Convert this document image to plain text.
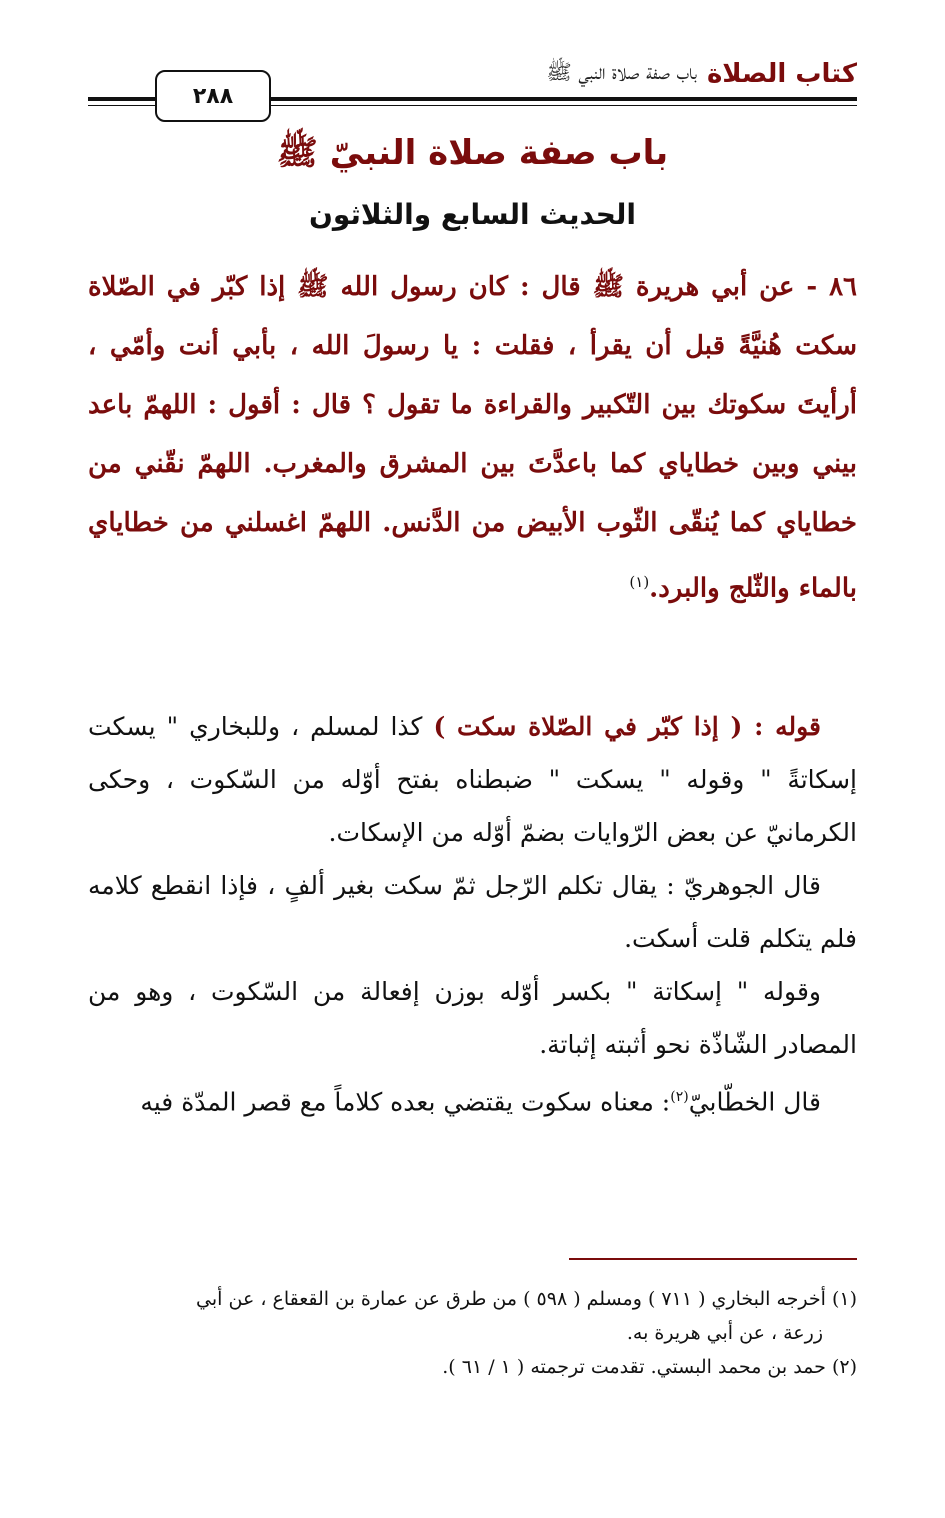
كتاب الصلاة
باب صفة صلاة النبي ﷺ
٢٨٨
باب صفة صلاة النبيّ ﷺ
الحديث السابع والثلاثون
٨٦ - عن أبي هريرة ﷺ قال : كان رسول الله ﷺ إذا كبّر في الصّلاة سكت هُنيَّةً قبل أن يقرأ ، فقلت : يا رسولَ الله ، بأبي أنت وأمّي ، أرأيتَ سكوتك بين التّكبير والقراءة ما تقول ؟ قال : أقول : اللهمّ باعد بيني وبين خطاياي كما باعدَّتَ بين المشرق والمغرب. اللهمّ نقّني من خطاياي كما يُنقّى الثّوب الأبيض من الدَّنس. اللهمّ اغسلني من خطاياي بالماء والثّلج والبرد.$^{(١)}$

قوله : ( إذا كبّر في الصّلاة سكت ) كذا لمسلم ، وللبخاري " يسكت إسكاتةً " وقوله " يسكت " ضبطناه بفتح أوّله من السّكوت ، وحكى الكرمانيّ عن بعض الرّوايات بضمّ أوّله من الإسكات.

قال الجوهريّ : يقال تكلم الرّجل ثمّ سكت بغير ألفٍ ، فإذا انقطع كلامه فلم يتكلم قلت أسكت.

وقوله " إسكاتة " بكسر أوّله بوزن إفعالة من السّكوت ، وهو من المصادر الشّاذّة نحو أثبته إثباتة.

قال الخطّابيّ$^{(٢)}$: معناه سكوت يقتضي بعده كلاماً مع قصر المدّة فيه

(١) أخرجه البخاري ( ٧١١ ) ومسلم ( ٥٩٨ ) من طرق عن عمارة بن القعقاع ، عن أبي

زرعة ، عن أبي هريرة به.

(٢) حمد بن محمد البستي. تقدمت ترجمته ( ١ / ٦١ ).
